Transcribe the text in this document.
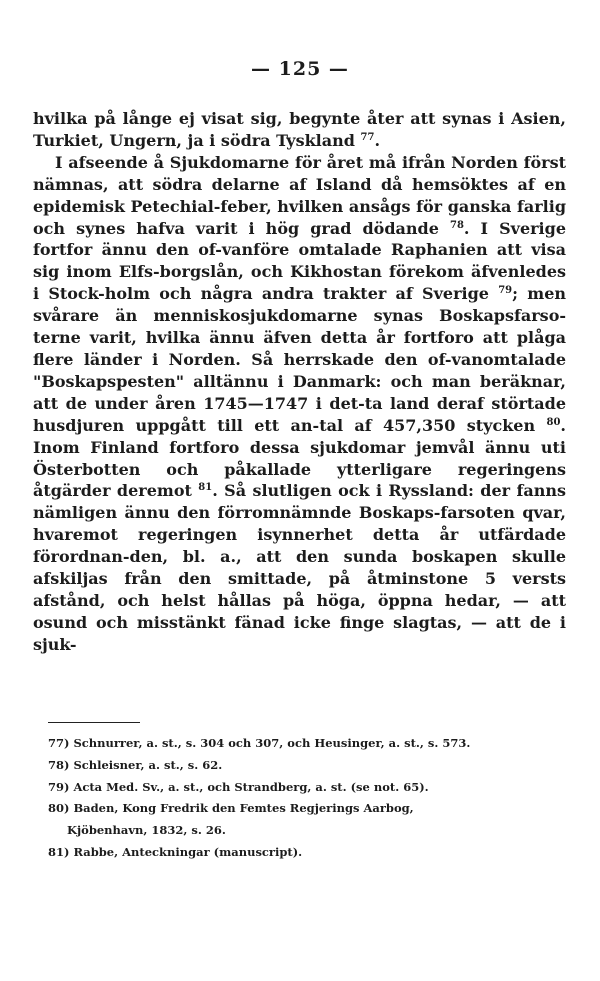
— 125 —

hvilka på långe ej visat sig, begynte åter att synas i Asien, Turkiet, Ungern, ja i södra Tyskland $^{77}$.

I afseende å Sjukdomarne för året må ifrån Norden först nämnas, att södra delarne af Island då hemsöktes af en epidemisk Petechial-feber, hvilken ansågs för ganska farlig och synes hafva varit i hög grad dödande $^{78}$. I Sverige fortfor ännu den of-vanföre omtalade Raphanien att visa sig inom Elfs-borgslån, och Kikhostan förekom äfvenledes i Stock-holm och några andra trakter af Sverige $^{79}$; men svårare än menniskosjukdomarne synas Boskapsfarso-terne varit, hvilka ännu äfven detta år fortforo att plåga flere länder i Norden. Så herrskade den of-vanomtalade "Boskapspesten" alltännu i Danmark: och man beräknar, att de under åren 1745—1747 i det-ta land deraf störtade husdjuren uppgått till ett an-tal af 457,350 stycken $^{80}$. Inom Finland fortforo dessa sjukdomar jemvål ännu uti Österbotten och påkallade ytterligare regeringens åtgärder deremot $^{81}$. Så slutligen ock i Ryssland: der fanns nämligen ännu den förromnämnde Boskaps-farsoten qvar, hvaremot regeringen isynnerhet detta år utfärdade förordnan-den, bl. a., att den sunda boskapen skulle afskiljas från den smittade, på åtminstone 5 versts afstånd, och helst hållas på höga, öppna hedar, — att osund och misstänkt fänad icke finge slagtas, — att de i sjuk-

77) Schnurrer, a. st., s. 304 och 307, och Heusinger, a. st., s. 573.

78) Schleisner, a. st., s. 62.

79) Acta Med. Sv., a. st., och Strandberg, a. st. (se not. 65).

80) Baden, Kong Fredrik den Femtes Regjerings Aarbog,

Kjöbenhavn, 1832, s. 26.

81) Rabbe, Anteckningar (manuscript).
